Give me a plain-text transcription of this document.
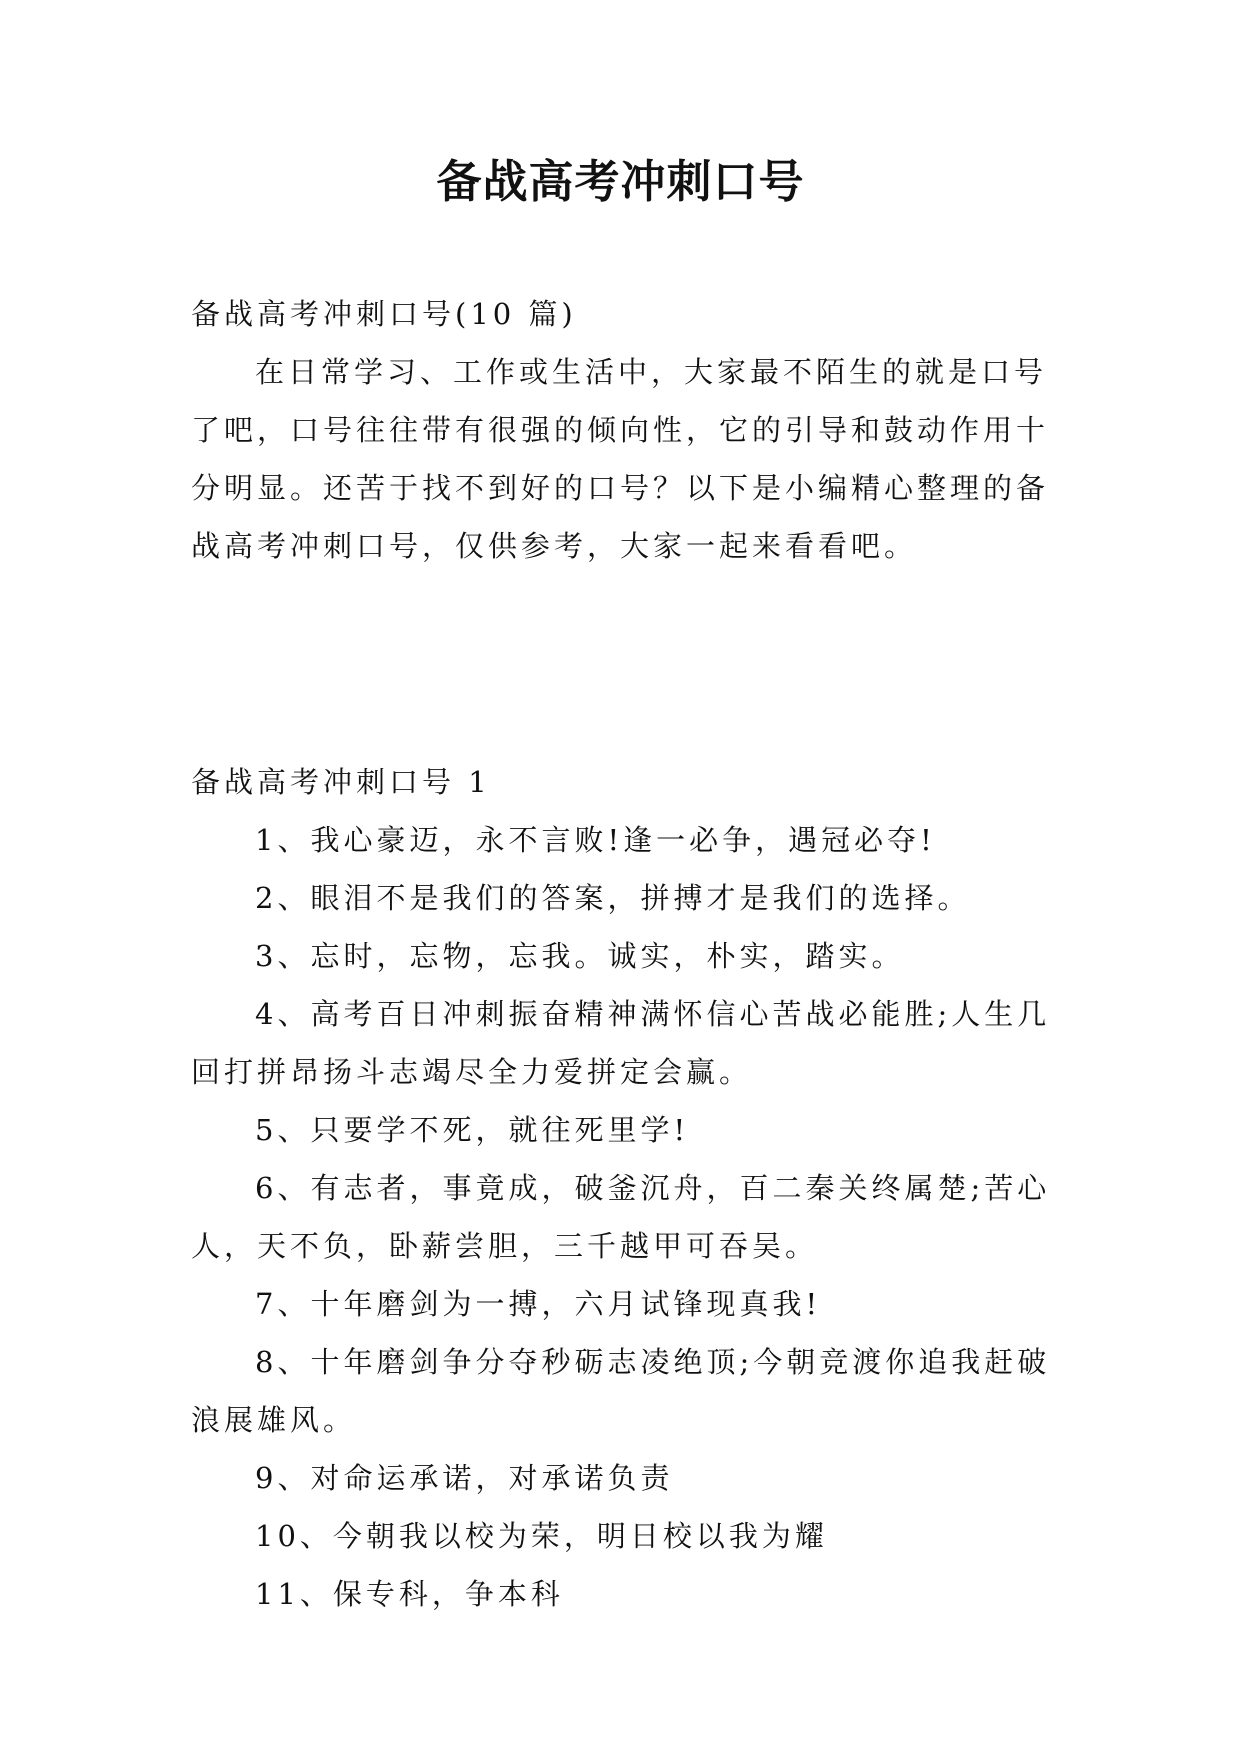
备战高考冲刺口号

备战高考冲刺口号(10 篇)

在日常学习、工作或生活中，大家最不陌生的就是口号了吧，口号往往带有很强的倾向性，它的引导和鼓动作用十分明显。还苦于找不到好的口号？以下是小编精心整理的备战高考冲刺口号，仅供参考，大家一起来看看吧。

备战高考冲刺口号 1

1、我心豪迈，永不言败!逢一必争，遇冠必夺!

2、眼泪不是我们的答案，拼搏才是我们的选择。

3、忘时，忘物，忘我。诚实，朴实，踏实。

4、高考百日冲刺振奋精神满怀信心苦战必能胜;人生几回打拼昂扬斗志竭尽全力爱拼定会赢。

5、只要学不死，就往死里学!

6、有志者，事竟成，破釜沉舟，百二秦关终属楚;苦心人，天不负，卧薪尝胆，三千越甲可吞吴。

7、十年磨剑为一搏，六月试锋现真我!

8、十年磨剑争分夺秒砺志凌绝顶;今朝竞渡你追我赶破浪展雄风。

9、对命运承诺，对承诺负责

10、今朝我以校为荣，明日校以我为耀

11、保专科，争本科
